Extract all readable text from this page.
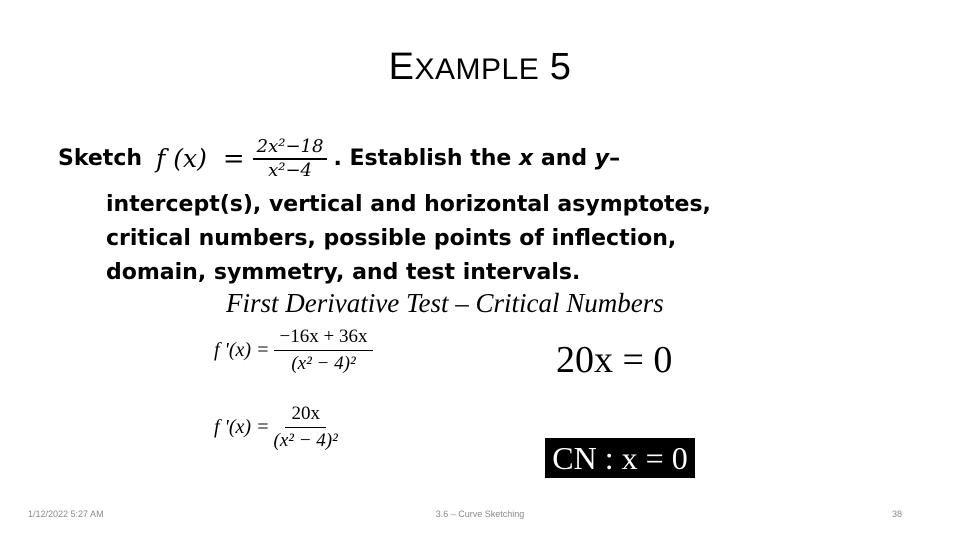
EXAMPLE 5
Sketch f $(x) = \frac{\text{2x²−18}}{\text{x²−4}}$ . Establish the
x
and
y –
intercept(s), vertical and horizontal asymptotes,
critical numbers, possible points of inflection,
domain, symmetry, and test intervals.
First Derivative Test – Critical Numbers
f '$(x) = \frac{-16x + 36x}{\text{(x² − 4)²}}$
f '$(x) = \frac{20x}{\text{(x² − 4)²}}$
20x = 0
CN : x = 0
1/12/2022 5:27 AM	3.6 – Curve Sketching	38
